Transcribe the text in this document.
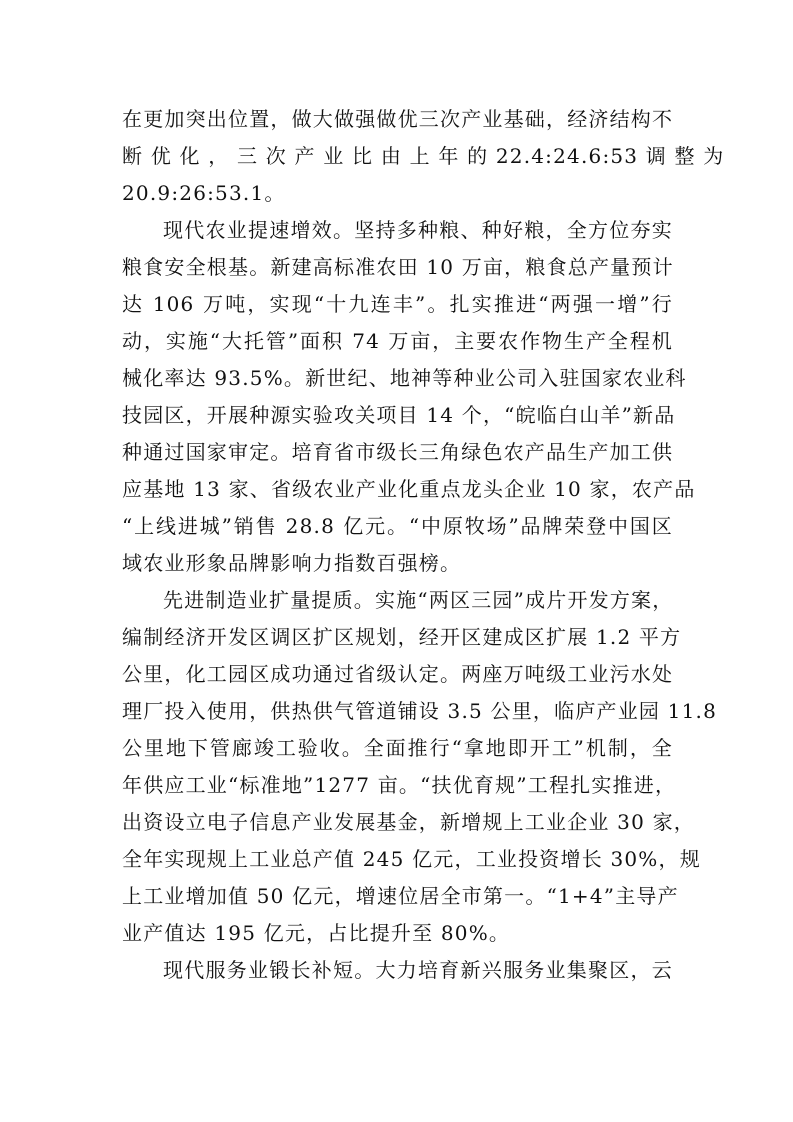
在更加突出位置，做大做强做优三次产业基础，经济结构不
断 优 化 ， 三 次 产 业 比 由 上 年 的 22.4:24.6:53 调 整 为
20.9:26:53.1。
现代农业提速增效。坚持多种粮、种好粮，全方位夯实
粮食安全根基。新建高标准农田 10 万亩，粮食总产量预计
达 106 万吨，实现“十九连丰”。扎实推进“两强一增”行
动，实施“大托管”面积 74 万亩，主要农作物生产全程机
械化率达 93.5%。新世纪、地神等种业公司入驻国家农业科
技园区，开展种源实验攻关项目 14 个，“皖临白山羊”新品
种通过国家审定。培育省市级长三角绿色农产品生产加工供
应基地 13 家、省级农业产业化重点龙头企业 10 家，农产品
“上线进城”销售 28.8 亿元。“中原牧场”品牌荣登中国区
域农业形象品牌影响力指数百强榜。
先进制造业扩量提质。实施“两区三园”成片开发方案，
编制经济开发区调区扩区规划，经开区建成区扩展 1.2 平方
公里，化工园区成功通过省级认定。两座万吨级工业污水处
理厂投入使用，供热供气管道铺设 3.5 公里，临庐产业园 11.8
公里地下管廊竣工验收。全面推行“拿地即开工”机制，全
年供应工业“标准地”1277 亩。“扶优育规”工程扎实推进，
出资设立电子信息产业发展基金，新增规上工业企业 30 家，
全年实现规上工业总产值 245 亿元，工业投资增长 30%，规
上工业增加值 50 亿元，增速位居全市第一。“1+4”主导产
业产值达 195 亿元，占比提升至 80%。
现代服务业锻长补短。大力培育新兴服务业集聚区，云
